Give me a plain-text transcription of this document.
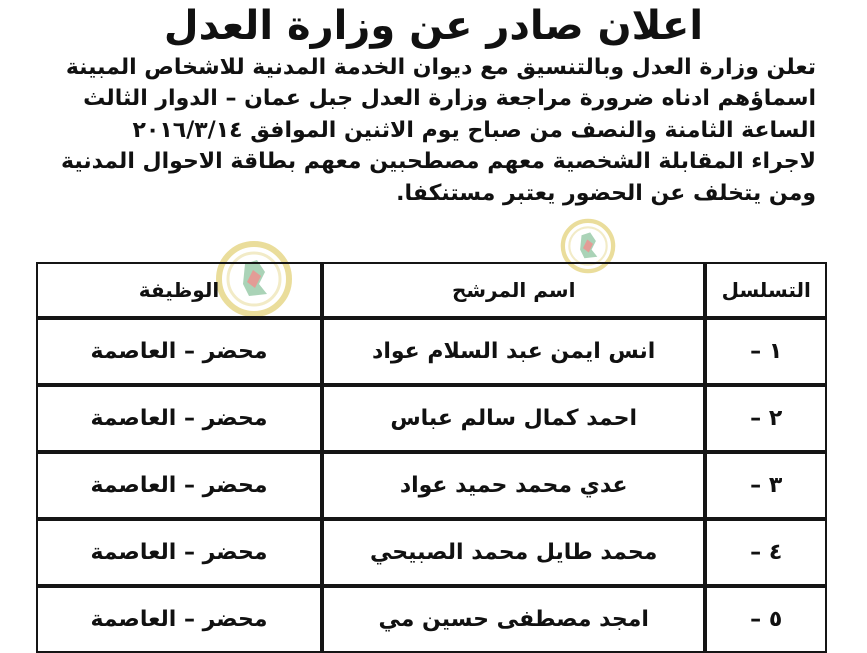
اعلان صادر عن وزارة العدل
تعلن وزارة العدل وبالتنسيق مع ديوان الخدمة المدنية للاشخاص المبينة
اسماؤهم ادناه ضرورة مراجعة وزارة العدل جبل عمان – الدوار الثالث
الساعة الثامنة والنصف من صباح يوم الاثنين الموافق ٢٠١٦/٣/١٤
لاجراء المقابلة الشخصية معهم مصطحبين معهم بطاقة الاحوال المدنية
ومن يتخلف عن الحضور يعتبر مستنكفا.
التسلسل	اسم المرشح	الوظيفة
١ –	انس ايمن عبد السلام عواد	محضر – العاصمة
٢ –	احمد كمال سالم عباس	محضر – العاصمة
٣ –	عدي محمد حميد عواد	محضر – العاصمة
٤ –	محمد طايل محمد الصبيحي	محضر – العاصمة
٥ –	امجد مصطفى حسين مي	محضر – العاصمة
